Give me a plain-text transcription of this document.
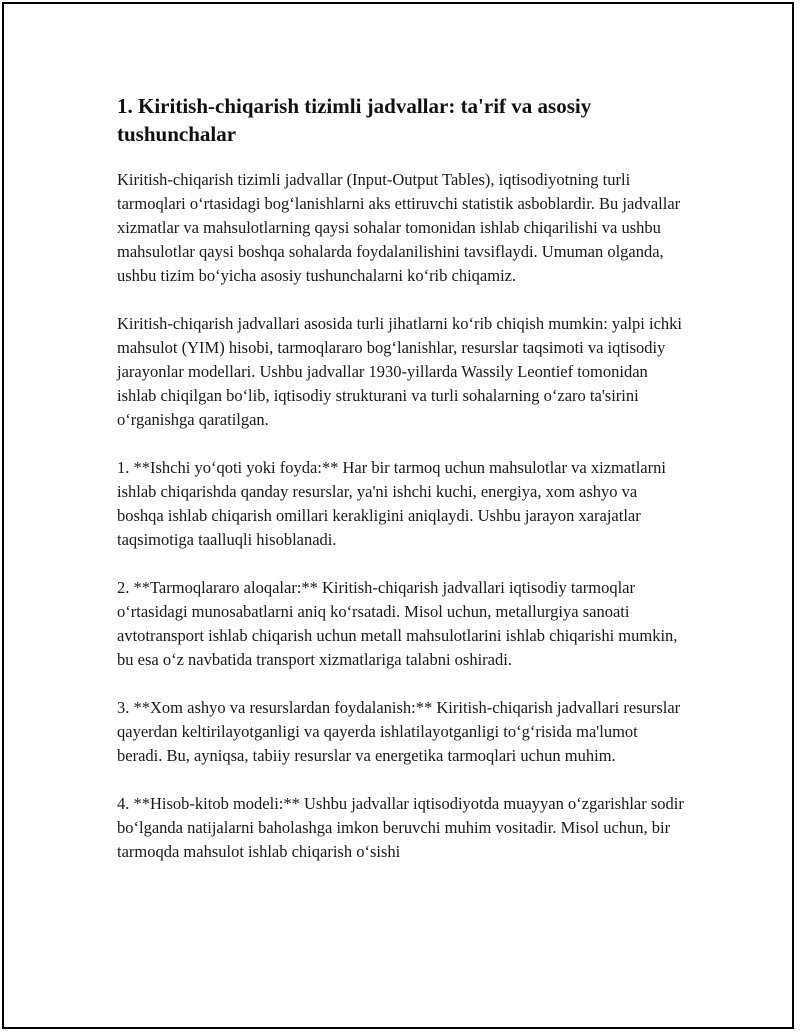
1. Kiritish-chiqarish tizimli jadvallar: ta'rif va asosiy tushunchalar

Kiritish-chiqarish tizimli jadvallar (Input-Output Tables), iqtisodiyotning turli tarmoqlari o‘rtasidagi bog‘lanishlarni aks ettiruvchi statistik asboblardir. Bu jadvallar xizmatlar va mahsulotlarning qaysi sohalar tomonidan ishlab chiqarilishi va ushbu mahsulotlar qaysi boshqa sohalarda foydalanilishini tavsiflaydi. Umuman olganda, ushbu tizim bo‘yicha asosiy tushunchalarni ko‘rib chiqamiz.

Kiritish-chiqarish jadvallari asosida turli jihatlarni ko‘rib chiqish mumkin: yalpi ichki mahsulot (YIM) hisobi, tarmoqlararo bog‘lanishlar, resurslar taqsimoti va iqtisodiy jarayonlar modellari. Ushbu jadvallar 1930-yillarda Wassily Leontief tomonidan ishlab chiqilgan bo‘lib, iqtisodiy strukturani va turli sohalarning o‘zaro ta'sirini o‘rganishga qaratilgan.

1. **Ishchi yo‘qoti yoki foyda:** Har bir tarmoq uchun mahsulotlar va xizmatlarni ishlab chiqarishda qanday resurslar, ya'ni ishchi kuchi, energiya, xom ashyo va boshqa ishlab chiqarish omillari kerakligini aniqlaydi. Ushbu jarayon xarajatlar taqsimotiga taalluqli hisoblanadi.

2. **Tarmoqlararo aloqalar:** Kiritish-chiqarish jadvallari iqtisodiy tarmoqlar o‘rtasidagi munosabatlarni aniq ko‘rsatadi. Misol uchun, metallurgiya sanoati avtotransport ishlab chiqarish uchun metall mahsulotlarini ishlab chiqarishi mumkin, bu esa o‘z navbatida transport xizmatlariga talabni oshiradi.

3. **Xom ashyo va resurslardan foydalanish:** Kiritish-chiqarish jadvallari resurslar qayerdan keltirilayotganligi va qayerda ishlatilayotganligi to‘g‘risida ma'lumot beradi. Bu, ayniqsa, tabiiy resurslar va energetika tarmoqlari uchun muhim.

4. **Hisob-kitob modeli:** Ushbu jadvallar iqtisodiyotda muayyan o‘zgarishlar sodir bo‘lganda natijalarni baholashga imkon beruvchi muhim vositadir. Misol uchun, bir tarmoqda mahsulot ishlab chiqarish o‘sishi
